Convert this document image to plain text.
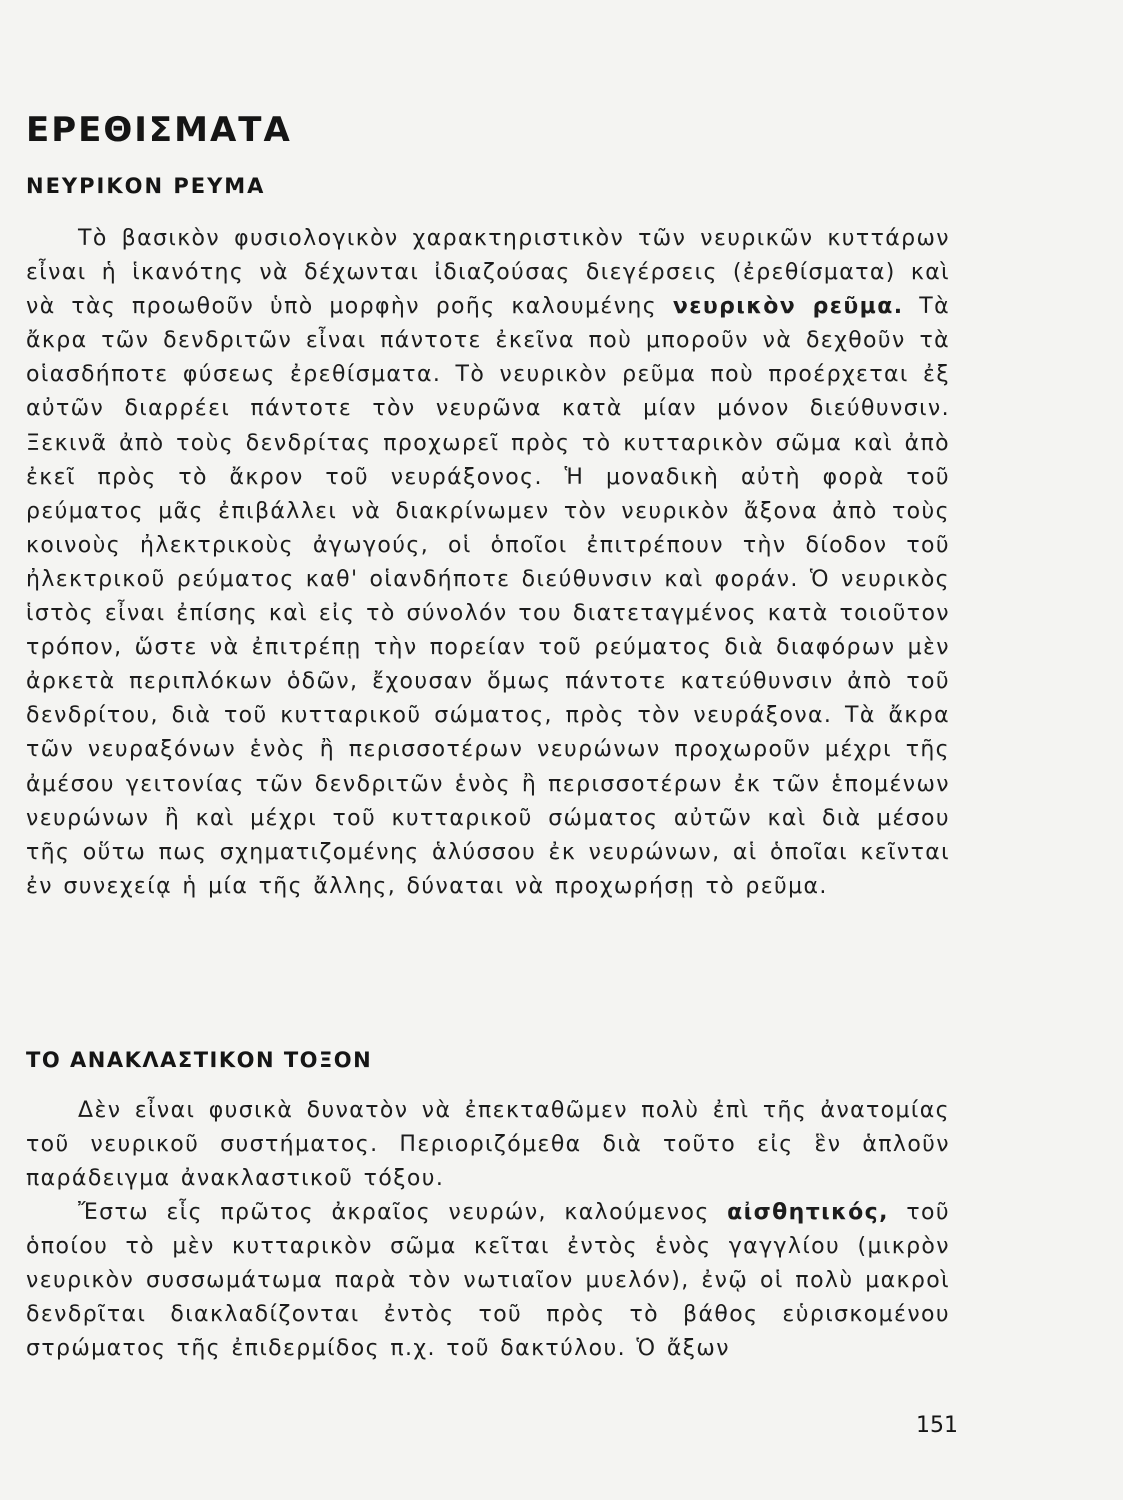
ΕΡΕΘΙΣΜΑΤΑ
ΝΕΥΡΙΚΟΝ ΡΕΥΜΑ

Τὸ βασικὸν φυσιολογικὸν χαρακτηριστικὸν τῶν νευρικῶν κυττάρων εἶναι ἡ ἱκανότης νὰ δέχωνται ἰδιαζούσας διεγέρσεις (ἐρεθίσματα) καὶ νὰ τὰς προωθοῦν ὑπὸ μορφὴν ροῆς καλουμένης νευρικὸν ρεῦμα. Τὰ ἄκρα τῶν δενδριτῶν εἶναι πάντοτε ἐκεῖνα ποὺ μποροῦν νὰ δεχθοῦν τὰ οἱασδήποτε φύσεως ἐρεθίσματα. Τὸ νευρικὸν ρεῦμα ποὺ προέρχεται ἐξ αὐτῶν διαρρέει πάντοτε τὸν νευρῶνα κατὰ μίαν μόνον διεύθυνσιν. Ξεκινᾶ ἀπὸ τοὺς δενδρίτας προχωρεῖ πρὸς τὸ κυτταρικὸν σῶμα καὶ ἀπὸ ἐκεῖ πρὸς τὸ ἄκρον τοῦ νευράξονος. Ἡ μοναδικὴ αὐτὴ φορὰ τοῦ ρεύματος μᾶς ἐπιβάλλει νὰ διακρίνωμεν τὸν νευρικὸν ἄξονα ἀπὸ τοὺς κοινοὺς ἠλεκτρικοὺς ἀγωγούς, οἱ ὁποῖοι ἐπιτρέπουν τὴν δίοδον τοῦ ἠλεκτρικοῦ ρεύματος καθ' οἱανδήποτε διεύθυνσιν καὶ φοράν. Ὁ νευρικὸς ἱστὸς εἶναι ἐπίσης καὶ εἰς τὸ σύνολόν του διατεταγμένος κατὰ τοιοῦτον τρόπον, ὥστε νὰ ἐπιτρέπῃ τὴν πορείαν τοῦ ρεύματος διὰ διαφόρων μὲν ἀρκετὰ περιπλόκων ὁδῶν, ἔχουσαν ὅμως πάντοτε κατεύθυνσιν ἀπὸ τοῦ δενδρίτου, διὰ τοῦ κυτταρικοῦ σώματος, πρὸς τὸν νευράξονα. Τὰ ἄκρα τῶν νευραξόνων ἑνὸς ἢ περισσοτέρων νευρώνων προχωροῦν μέχρι τῆς ἀμέσου γειτονίας τῶν δενδριτῶν ἑνὸς ἢ περισσοτέρων ἐκ τῶν ἑπομένων νευρώνων ἢ καὶ μέχρι τοῦ κυτταρικοῦ σώματος αὐτῶν καὶ διὰ μέσου τῆς οὕτω πως σχηματιζομένης ἁλύσσου ἐκ νευρώνων, αἱ ὁποῖαι κεῖνται ἐν συνεχείᾳ ἡ μία τῆς ἄλλης, δύναται νὰ προχωρήσῃ τὸ ρεῦμα.

ΤΟ ΑΝΑΚΛΑΣΤΙΚΟΝ ΤΟΞΟΝ

Δὲν εἶναι φυσικὰ δυνατὸν νὰ ἐπεκταθῶμεν πολὺ ἐπὶ τῆς ἀνατομίας τοῦ νευρικοῦ συστήματος. Περιοριζόμεθα διὰ τοῦτο εἰς ἓν ἁπλοῦν παράδειγμα ἀνακλαστικοῦ τόξου.

Ἔστω εἷς πρῶτος ἀκραῖος νευρών, καλούμενος αἰσθητικός, τοῦ ὁποίου τὸ μὲν κυτταρικὸν σῶμα κεῖται ἐντὸς ἑνὸς γαγγλίου (μικρὸν νευρικὸν συσσωμάτωμα παρὰ τὸν νωτιαῖον μυελόν), ἐνῷ οἱ πολὺ μακροὶ δενδρῖται διακλαδίζονται ἐντὸς τοῦ πρὸς τὸ βάθος εὑρισκομένου στρώματος τῆς ἐπιδερμίδος π.χ. τοῦ δακτύλου. Ὁ ἄξων

151
